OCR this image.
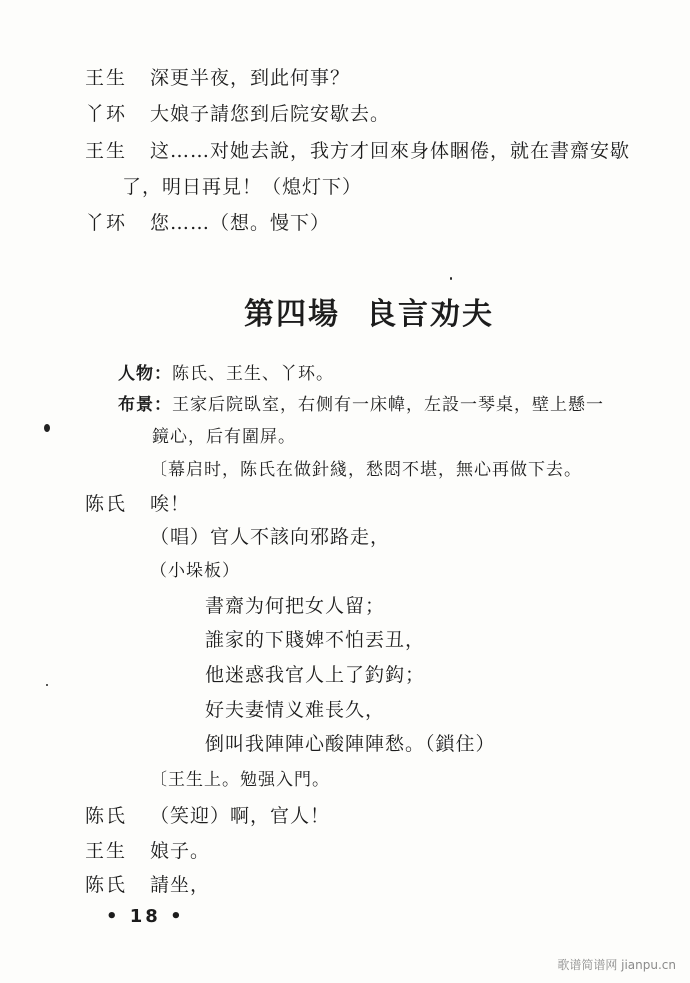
王生 深更半夜，到此何事？
丫环 大娘子請您到后院安歇去。
王生 这……对她去說，我方才回來身体睏倦，就在書齋安歇
了，明日再見！（熄灯下）
丫环 您……（想。慢下）
第四場 良言劝夫
人物：陈氏、王生、丫环。
布景：王家后院臥室，右侧有一床幃，左設一琴桌，壁上懸一
鏡心，后有圍屏。
〔幕启时，陈氏在做針綫，愁悶不堪，無心再做下去。
陈氏 唉！
（唱）官人不該向邪路走，
（小垛板）
書齋为何把女人留；
誰家的下賤婢不怕丟丑，
他迷惑我官人上了釣鈎；
好夫妻情义难長久，
倒叫我陣陣心酸陣陣愁。（鎖住）
〔王生上。勉强入門。
陈氏 （笑迎）啊，官人！
王生 娘子。
陈氏 請坐，
• 18 •
歌谱简谱网 jianpu.cn
